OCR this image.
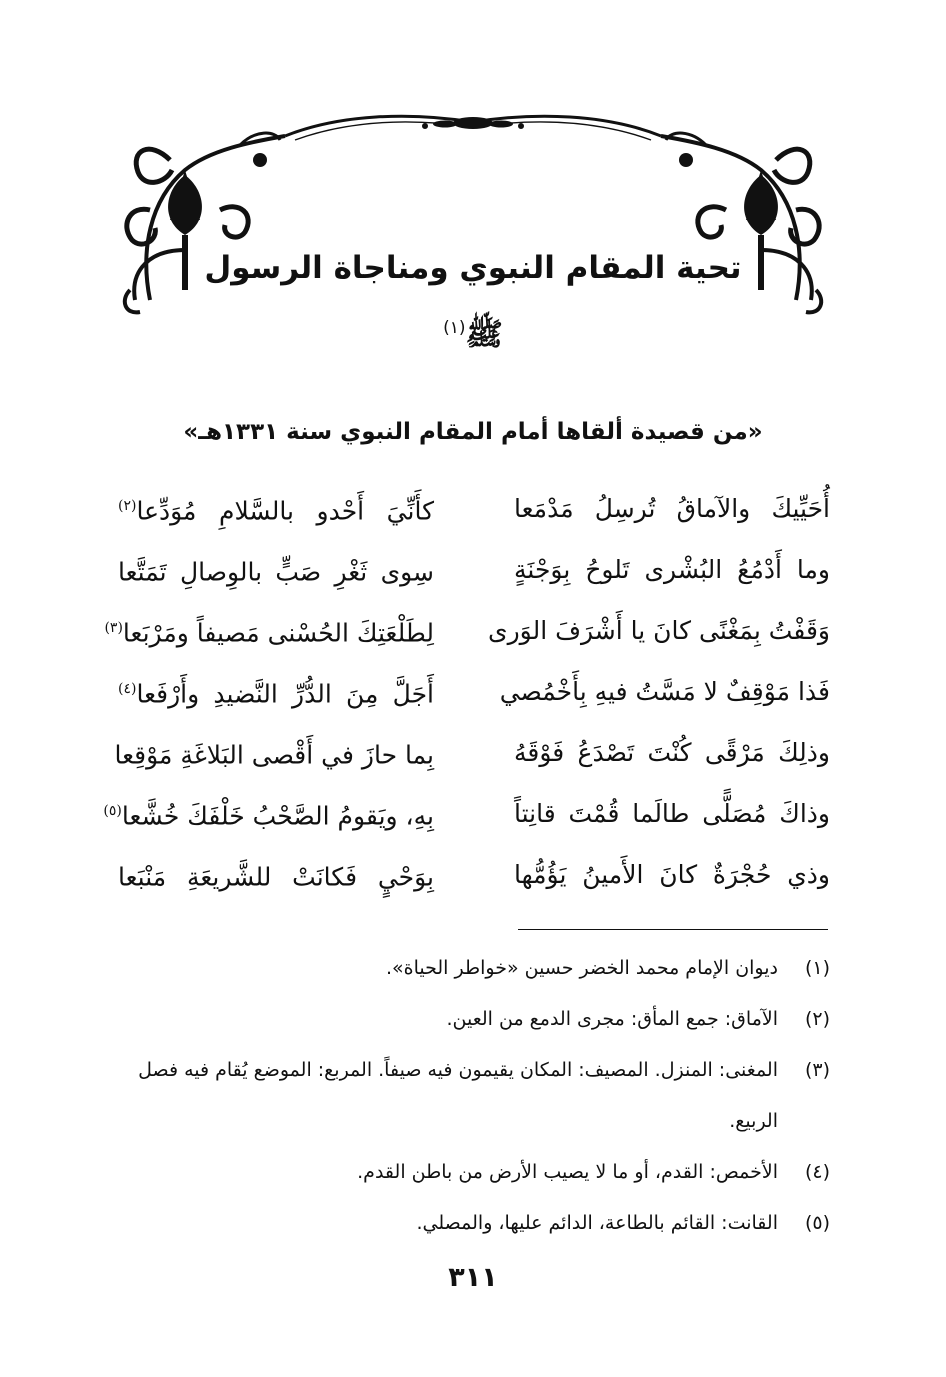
تحية المقام النبوي ومناجاة الرسول ﷺ$^{(١)}$
«من قصيدة ألقاها أمام المقام النبوي سنة ١٣٣١هـ»
أُحَيِّيكَ والآماقُ تُرسِلُ مَدْمَعا
كأَنِّيَ أَحْدو بالسَّلامِ مُوَدِّعا$^{(٢)}$
وما أَدْمُعُ البُشْرى تَلوحُ بِوَجْنَةٍ
سِوى ثَغْرِ صَبٍّ بالوِصالِ تَمَتَّعا
وَقَفْتُ بِمَغْنًى كانَ يا أَشْرَفَ الوَرى
لِطَلْعَتِكَ الحُسْنى مَصيفاً ومَرْبَعا$^{(٣)}$
فَذا مَوْقِفٌ لا مَسَّتُ فيهِ بِأَخْمُصي
أَجَلَّ مِنَ الدُّرِّ النَّضيدِ وأَرْفَعا$^{(٤)}$
وذلِكَ مَرْقًى كُنْتَ تَصْدَعُ فَوْقَهُ
بِما حازَ في أَقْصى البَلاغَةِ مَوْقِعا
وذاكَ مُصَلًّى طالَما قُمْتَ قانِتاً
بِهِ، ويَقومُ الصَّحْبُ خَلْفَكَ خُشَّعا$^{(٥)}$
وذي حُجْرَةٌ كانَ الأَمينُ يَؤُمُّها
بِوَحْيٍ فَكانَتْ للشَّريعَةِ مَنْبَعا
(١)
ديوان الإمام محمد الخضر حسين «خواطر الحياة».
(٢)
الآماق: جمع المأق: مجرى الدمع من العين.
(٣)
المغنى: المنزل. المصيف: المكان يقيمون فيه صيفاً. المربع: الموضع يُقام فيه فصل الربيع.
(٤)
الأخمص: القدم، أو ما لا يصيب الأرض من باطن القدم.
(٥)
القانت: القائم بالطاعة، الدائم عليها، والمصلي.
٣١١
